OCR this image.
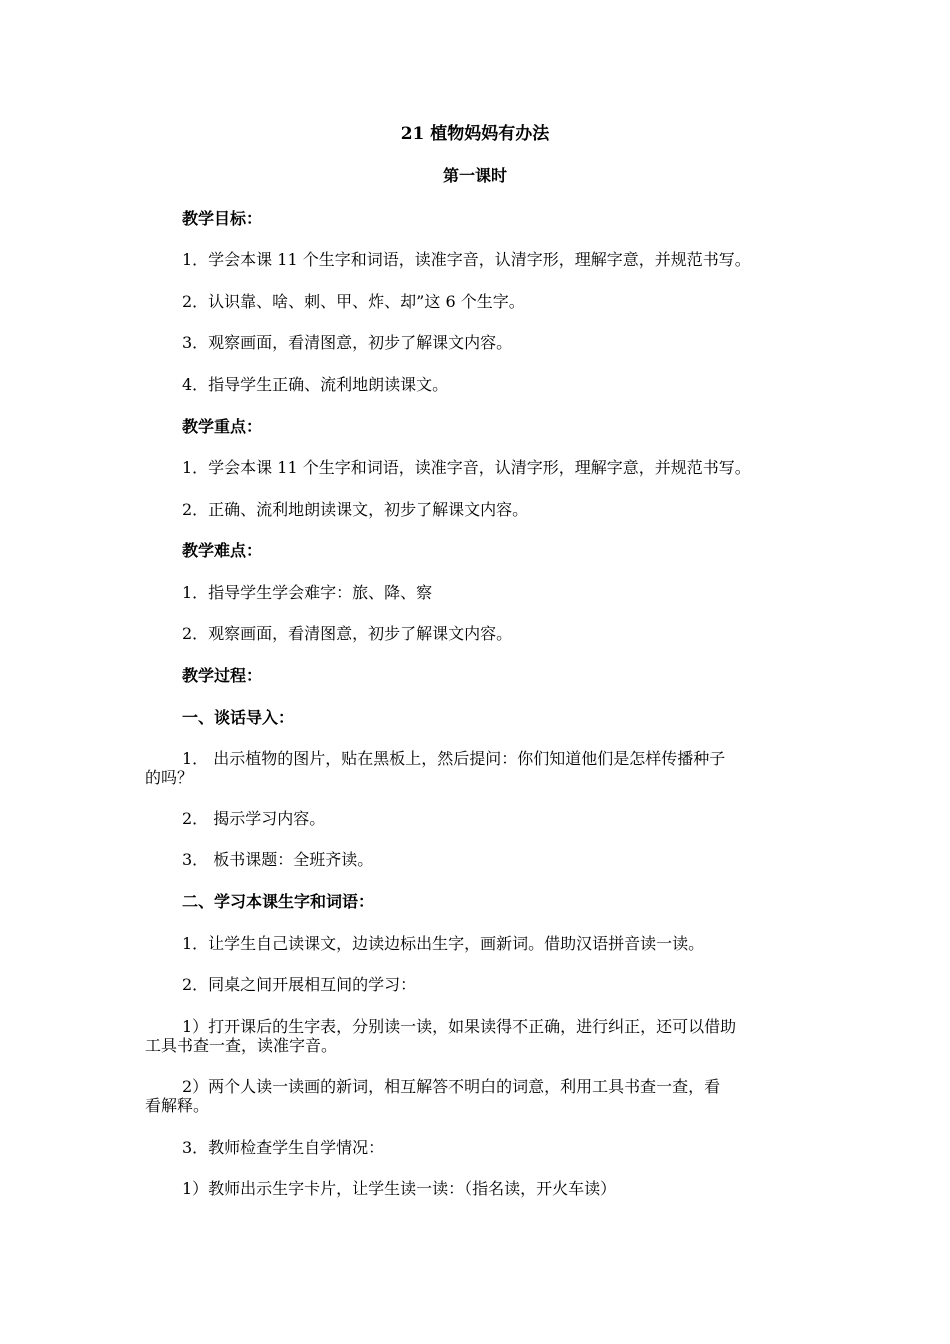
21 植物妈妈有办法
第一课时
教学目标：
1．学会本课 11 个生字和词语，读准字音，认清字形，理解字意，并规范书写。
2．认识靠、啥、刺、甲、炸、却”这 6 个生字。
3．观察画面，看清图意，初步了解课文内容。
4．指导学生正确、流利地朗读课文。
教学重点：
1．学会本课 11 个生字和词语，读准字音，认清字形，理解字意，并规范书写。
2．正确、流利地朗读课文，初步了解课文内容。
教学难点：
1．指导学生学会难字：旅、降、察
2．观察画面，看清图意，初步了解课文内容。
教学过程：
一、谈话导入：
1． 出示植物的图片，贴在黑板上，然后提问：你们知道他们是怎样传播种子
的吗？
2． 揭示学习内容。
3． 板书课题：全班齐读。
二、学习本课生字和词语：
1．让学生自己读课文，边读边标出生字，画新词。借助汉语拼音读一读。
2．同桌之间开展相互间的学习：
1）打开课后的生字表，分别读一读，如果读得不正确，进行纠正，还可以借助
工具书查一查，读准字音。
2）两个人读一读画的新词，相互解答不明白的词意，利用工具书查一查，看
看解释。
3．教师检查学生自学情况：
1）教师出示生字卡片，让学生读一读：（指名读，开火车读）
